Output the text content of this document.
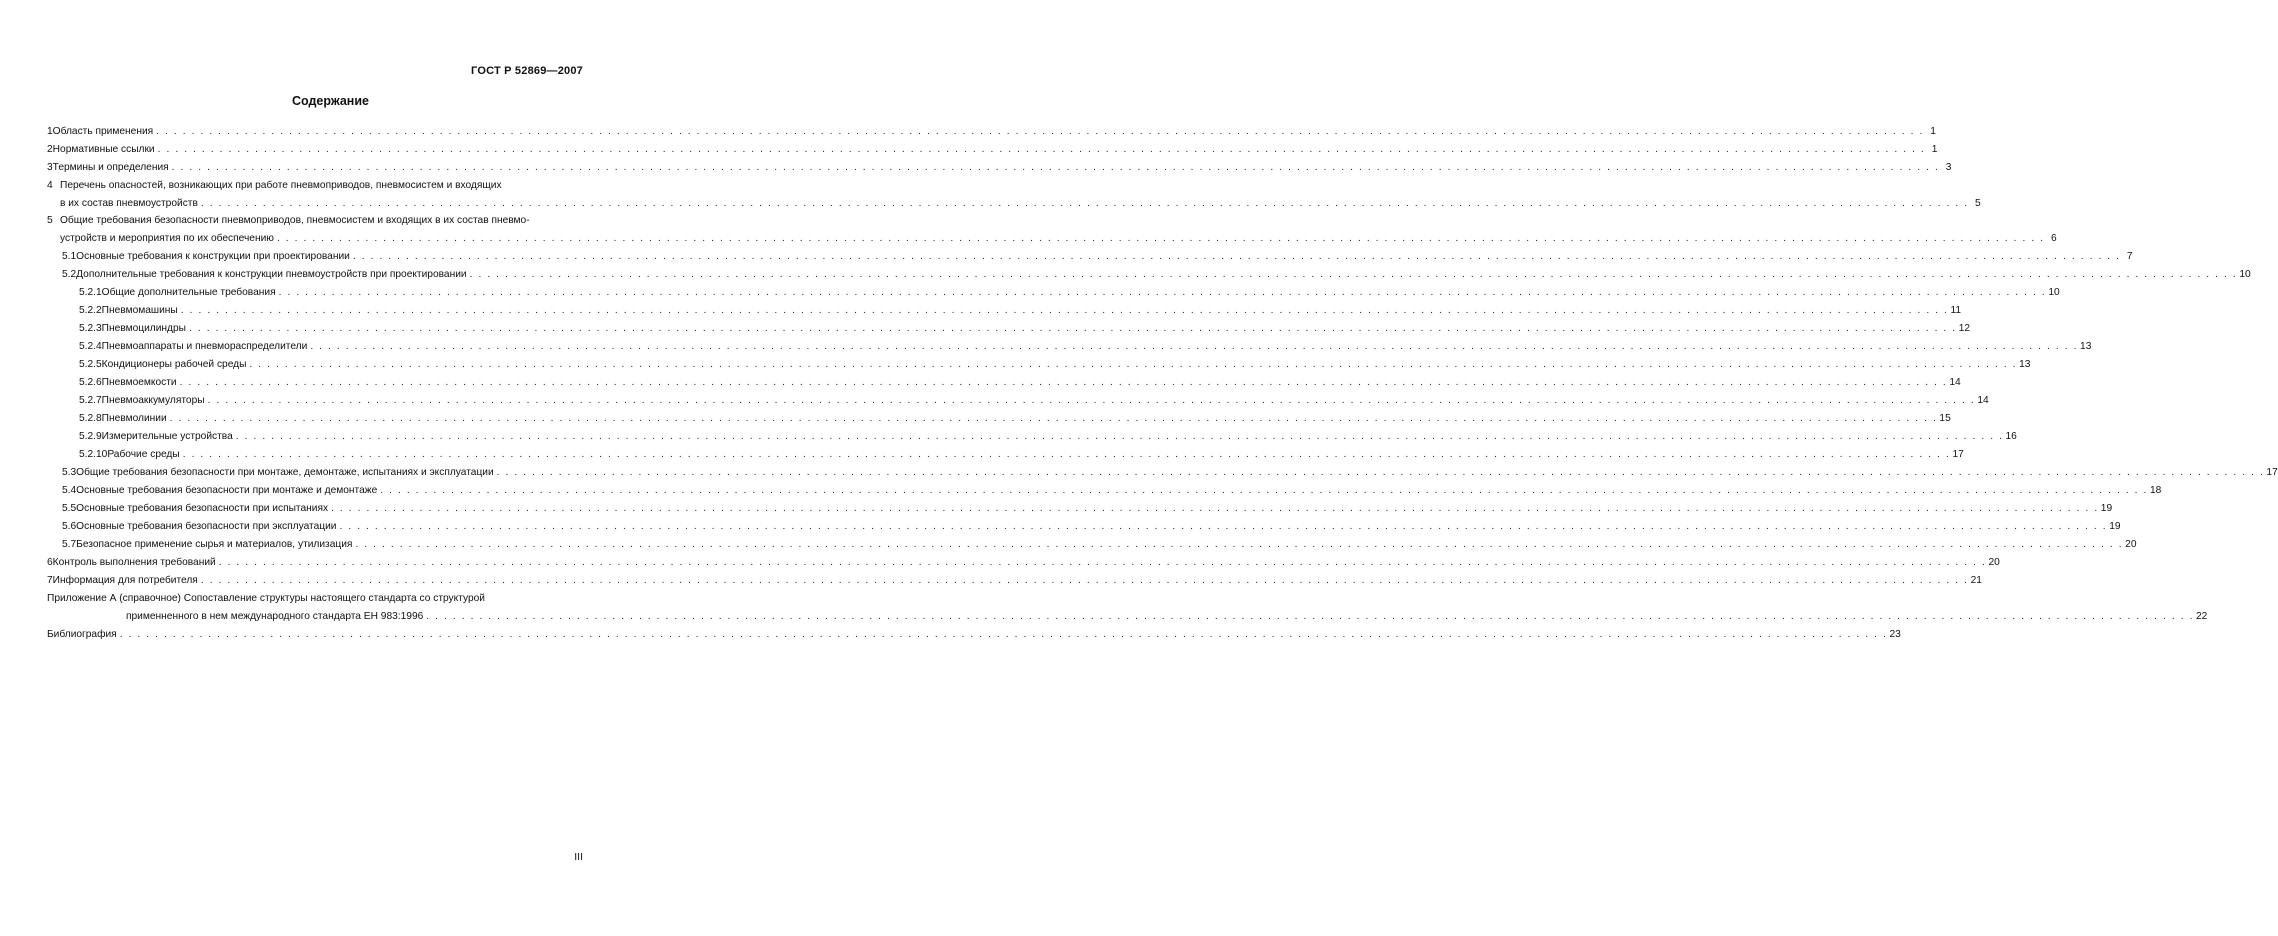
ГОСТ Р 52869—2007
Содержание
1 Область применения . . . . . . . . . . . . . . . . . . . . . . . . . . . . . . . . . . . . . . . . . . . . . . . . . . . . . . . . . . . . . . . . . . . . . . . . . . . . . . . . . . . . . . . . . . . . . . . . . . . . . . . . . . . . . . . . . . . . . . . . . . . . . . . . . . . . . . . . . . . . . . . . . . . . . . . . . . . . . . . . . . . . . . . . . . . . . . . . . . . . . . . . . . . . . . . . . . . . . . . . 1
2 Нормативные ссылки . . . . . . . . . . . . . . . . . . . . . . . . . . . . . . . . . . . . . . . . . . . . . . . . . . . . . . . . . . . . . . . . . . . . . . . . . . . . . . . . . . . . . . . . . . . . . . . . . . . . . . . . . . . . . . . . . . . . . . . . . . . . . . . . . . . . . . . . . . . . . . . . . . . . . . . . . . . . . . . . . . . . . . . . . . . . . . . . . . . . . . . . . . . . . . . . . . . . . . . . 1
3 Термины и определения . . . . . . . . . . . . . . . . . . . . . . . . . . . . . . . . . . . . . . . . . . . . . . . . . . . . . . . . . . . . . . . . . . . . . . . . . . . . . . . . . . . . . . . . . . . . . . . . . . . . . . . . . . . . . . . . . . . . . . . . . . . . . . . . . . . . . . . . . . . . . . . . . . . . . . . . . . . . . . . . . . . . . . . . . . . . . . . . . . . . . . . . . . . . . . . . . . . . . . . . 3
4 Перечень опасностей, возникающих при работе пневмоприводов, пневмосистем и входящих
в их состав пневмоустройств . . . . . . . . . . . . . . . . . . . . . . . . . . . . . . . . . . . . . . . . . . . . . . . . . . . . . . . . . . . . . . . . . . . . . . . . . . . . . . . . . . . . . . . . . . . . . . . . . . . . . . . . . . . . . . . . . . . . . . . . . . . . . . . . . . . . . . . . . . . . . . . . . . . . . . . . . . . . . . . . . . . . . . . . . . . . . . . . . . . . . . . . . . . . . . . . . . . . . . . . 5
5 Общие требования безопасности пневмоприводов, пневмосистем и входящих в их состав пневмо-
устройств и мероприятия по их обеспечению . . . . . . . . . . . . . . . . . . . . . . . . . . . . . . . . . . . . . . . . . . . . . . . . . . . . . . . . . . . . . . . . . . . . . . . . . . . . . . . . . . . . . . . . . . . . . . . . . . . . . . . . . . . . . . . . . . . . . . . . . . . . . . . . . . . . . . . . . . . . . . . . . . . . . . . . . . . . . . . . . . . . . . . . . . . . . . . . . . . . . . . . . . . . . . . . . . . . . . . . 6
5.1 Основные требования к конструкции при проектировании . . . . . . . . . . . . . . . . . . . . . . . . . . . . . . . . . . . . . . . . . . . . . . . . . . . . . . . . . . . . . . . . . . . . . . . . . . . . . . . . . . . . . . . . . . . . . . . . . . . . . . . . . . . . . . . . . . . . . . . . . . . . . . . . . . . . . . . . . . . . . . . . . . . . . . . . . . . . . . . . . . . . . . . . . . . . . . . . . . . . . . . . . . . . . . . . . . . . . . . . 7
5.2 Дополнительные требования к конструкции пневмоустройств при проектировании . . . . . . . . . . . . . . . . . . . . . . . . . . . . . . . . . . . . . . . . . . . . . . . . . . . . . . . . . . . . . . . . . . . . . . . . . . . . . . . . . . . . . . . . . . . . . . . . . . . . . . . . . . . . . . . . . . . . . . . . . . . . . . . . . . . . . . . . . . . . . . . . . . . . . . . . . . . . . . . . . . . . . . . . . . . . . . . . . . . . . . . . . . . . . . . . . . . . . . . . 10
5.2.1 Общие дополнительные требования . . . . . . . . . . . . . . . . . . . . . . . . . . . . . . . . . . . . . . . . . . . . . . . . . . . . . . . . . . . . . . . . . . . . . . . . . . . . . . . . . . . . . . . . . . . . . . . . . . . . . . . . . . . . . . . . . . . . . . . . . . . . . . . . . . . . . . . . . . . . . . . . . . . . . . . . . . . . . . . . . . . . . . . . . . . . . . . . . . . . . . . . . . . . . . . . . . . . . . . . 10
5.2.2 Пневмомашины . . . . . . . . . . . . . . . . . . . . . . . . . . . . . . . . . . . . . . . . . . . . . . . . . . . . . . . . . . . . . . . . . . . . . . . . . . . . . . . . . . . . . . . . . . . . . . . . . . . . . . . . . . . . . . . . . . . . . . . . . . . . . . . . . . . . . . . . . . . . . . . . . . . . . . . . . . . . . . . . . . . . . . . . . . . . . . . . . . . . . . . . . . . . . . . . . . . . . . . . 11
5.2.3 Пневмоцилиндры . . . . . . . . . . . . . . . . . . . . . . . . . . . . . . . . . . . . . . . . . . . . . . . . . . . . . . . . . . . . . . . . . . . . . . . . . . . . . . . . . . . . . . . . . . . . . . . . . . . . . . . . . . . . . . . . . . . . . . . . . . . . . . . . . . . . . . . . . . . . . . . . . . . . . . . . . . . . . . . . . . . . . . . . . . . . . . . . . . . . . . . . . . . . . . . . . . . . . . . . 12
5.2.4 Пневмоаппараты и пневмораспределители . . . . . . . . . . . . . . . . . . . . . . . . . . . . . . . . . . . . . . . . . . . . . . . . . . . . . . . . . . . . . . . . . . . . . . . . . . . . . . . . . . . . . . . . . . . . . . . . . . . . . . . . . . . . . . . . . . . . . . . . . . . . . . . . . . . . . . . . . . . . . . . . . . . . . . . . . . . . . . . . . . . . . . . . . . . . . . . . . . . . . . . . . . . . . . . . . . . . . . . . 13
5.2.5 Кондиционеры рабочей среды . . . . . . . . . . . . . . . . . . . . . . . . . . . . . . . . . . . . . . . . . . . . . . . . . . . . . . . . . . . . . . . . . . . . . . . . . . . . . . . . . . . . . . . . . . . . . . . . . . . . . . . . . . . . . . . . . . . . . . . . . . . . . . . . . . . . . . . . . . . . . . . . . . . . . . . . . . . . . . . . . . . . . . . . . . . . . . . . . . . . . . . . . . . . . . . . . . . . . . . . 13
5.2.6 Пневмоемкости . . . . . . . . . . . . . . . . . . . . . . . . . . . . . . . . . . . . . . . . . . . . . . . . . . . . . . . . . . . . . . . . . . . . . . . . . . . . . . . . . . . . . . . . . . . . . . . . . . . . . . . . . . . . . . . . . . . . . . . . . . . . . . . . . . . . . . . . . . . . . . . . . . . . . . . . . . . . . . . . . . . . . . . . . . . . . . . . . . . . . . . . . . . . . . . . . . . . . . . . 14
5.2.7 Пневмоаккумуляторы . . . . . . . . . . . . . . . . . . . . . . . . . . . . . . . . . . . . . . . . . . . . . . . . . . . . . . . . . . . . . . . . . . . . . . . . . . . . . . . . . . . . . . . . . . . . . . . . . . . . . . . . . . . . . . . . . . . . . . . . . . . . . . . . . . . . . . . . . . . . . . . . . . . . . . . . . . . . . . . . . . . . . . . . . . . . . . . . . . . . . . . . . . . . . . . . . . . . . . . . 14
5.2.8 Пневмолинии . . . . . . . . . . . . . . . . . . . . . . . . . . . . . . . . . . . . . . . . . . . . . . . . . . . . . . . . . . . . . . . . . . . . . . . . . . . . . . . . . . . . . . . . . . . . . . . . . . . . . . . . . . . . . . . . . . . . . . . . . . . . . . . . . . . . . . . . . . . . . . . . . . . . . . . . . . . . . . . . . . . . . . . . . . . . . . . . . . . . . . . . . . . . . . . . . . . . . . . . 15
5.2.9 Измерительные устройства . . . . . . . . . . . . . . . . . . . . . . . . . . . . . . . . . . . . . . . . . . . . . . . . . . . . . . . . . . . . . . . . . . . . . . . . . . . . . . . . . . . . . . . . . . . . . . . . . . . . . . . . . . . . . . . . . . . . . . . . . . . . . . . . . . . . . . . . . . . . . . . . . . . . . . . . . . . . . . . . . . . . . . . . . . . . . . . . . . . . . . . . . . . . . . . . . . . . . . . . 16
5.2.10 Рабочие среды . . . . . . . . . . . . . . . . . . . . . . . . . . . . . . . . . . . . . . . . . . . . . . . . . . . . . . . . . . . . . . . . . . . . . . . . . . . . . . . . . . . . . . . . . . . . . . . . . . . . . . . . . . . . . . . . . . . . . . . . . . . . . . . . . . . . . . . . . . . . . . . . . . . . . . . . . . . . . . . . . . . . . . . . . . . . . . . . . . . . . . . . . . . . . . . . . . . . . . . . 17
5.3 Общие требования безопасности при монтаже, демонтаже, испытаниях и эксплуатации . . . . . . . . . . . . . . . . . . . . . . . . . . . . . . . . . . . . . . . . . . . . . . . . . . . . . . . . . . . . . . . . . . . . . . . . . . . . . . . . . . . . . . . . . . . . . . . . . . . . . . . . . . . . . . . . . . . . . . . . . . . . . . . . . . . . . . . . . . . . . . . . . . . . . . . . . . . . . . . . . . . . . . . . . . . . . . . . . . . . . . . . . . . . . . . . . . . . . . . . 17
5.4 Основные требования безопасности при монтаже и демонтаже . . . . . . . . . . . . . . . . . . . . . . . . . . . . . . . . . . . . . . . . . . . . . . . . . . . . . . . . . . . . . . . . . . . . . . . . . . . . . . . . . . . . . . . . . . . . . . . . . . . . . . . . . . . . . . . . . . . . . . . . . . . . . . . . . . . . . . . . . . . . . . . . . . . . . . . . . . . . . . . . . . . . . . . . . . . . . . . . . . . . . . . . . . . . . . . . . . . . . . . . 18
5.5 Основные требования безопасности при испытаниях . . . . . . . . . . . . . . . . . . . . . . . . . . . . . . . . . . . . . . . . . . . . . . . . . . . . . . . . . . . . . . . . . . . . . . . . . . . . . . . . . . . . . . . . . . . . . . . . . . . . . . . . . . . . . . . . . . . . . . . . . . . . . . . . . . . . . . . . . . . . . . . . . . . . . . . . . . . . . . . . . . . . . . . . . . . . . . . . . . . . . . . . . . . . . . . . . . . . . . . . 19
5.6 Основные требования безопасности при эксплуатации . . . . . . . . . . . . . . . . . . . . . . . . . . . . . . . . . . . . . . . . . . . . . . . . . . . . . . . . . . . . . . . . . . . . . . . . . . . . . . . . . . . . . . . . . . . . . . . . . . . . . . . . . . . . . . . . . . . . . . . . . . . . . . . . . . . . . . . . . . . . . . . . . . . . . . . . . . . . . . . . . . . . . . . . . . . . . . . . . . . . . . . . . . . . . . . . . . . . . . . . 19
5.7 Безопасное применение сырья и материалов, утилизация . . . . . . . . . . . . . . . . . . . . . . . . . . . . . . . . . . . . . . . . . . . . . . . . . . . . . . . . . . . . . . . . . . . . . . . . . . . . . . . . . . . . . . . . . . . . . . . . . . . . . . . . . . . . . . . . . . . . . . . . . . . . . . . . . . . . . . . . . . . . . . . . . . . . . . . . . . . . . . . . . . . . . . . . . . . . . . . . . . . . . . . . . . . . . . . . . . . . . . . . 20
6 Контроль выполнения требований . . . . . . . . . . . . . . . . . . . . . . . . . . . . . . . . . . . . . . . . . . . . . . . . . . . . . . . . . . . . . . . . . . . . . . . . . . . . . . . . . . . . . . . . . . . . . . . . . . . . . . . . . . . . . . . . . . . . . . . . . . . . . . . . . . . . . . . . . . . . . . . . . . . . . . . . . . . . . . . . . . . . . . . . . . . . . . . . . . . . . . . . . . . . . . . . . . . . . . . . 20
7 Информация для потребителя . . . . . . . . . . . . . . . . . . . . . . . . . . . . . . . . . . . . . . . . . . . . . . . . . . . . . . . . . . . . . . . . . . . . . . . . . . . . . . . . . . . . . . . . . . . . . . . . . . . . . . . . . . . . . . . . . . . . . . . . . . . . . . . . . . . . . . . . . . . . . . . . . . . . . . . . . . . . . . . . . . . . . . . . . . . . . . . . . . . . . . . . . . . . . . . . . . . . . . . . 21
Приложение А (справочное) Сопоставление структуры настоящего стандарта со структурой
применненного в нем международного стандарта ЕН 983:1996 . . . . . . . . . . . . . . . . . . . . . . . . . . . . . . . . . . . . . . . . . . . . . . . . . . . . . . . . . . . . . . . . . . . . . . . . . . . . . . . . . . . . . . . . . . . . . . . . . . . . . . . . . . . . . . . . . . . . . . . . . . . . . . . . . . . . . . . . . . . . . . . . . . . . . . . . . . . . . . . . . . . . . . . . . . . . . . . . . . . . . . . . . . . . . . . . . . . . . . . . 22
Библиография . . . . . . . . . . . . . . . . . . . . . . . . . . . . . . . . . . . . . . . . . . . . . . . . . . . . . . . . . . . . . . . . . . . . . . . . . . . . . . . . . . . . . . . . . . . . . . . . . . . . . . . . . . . . . . . . . . . . . . . . . . . . . . . . . . . . . . . . . . . . . . . . . . . . . . . . . . . . . . . . . . . . . . . . . . . . . . . . . . . . . . . . . . . . . . . . . . . . . . . . 23
III
